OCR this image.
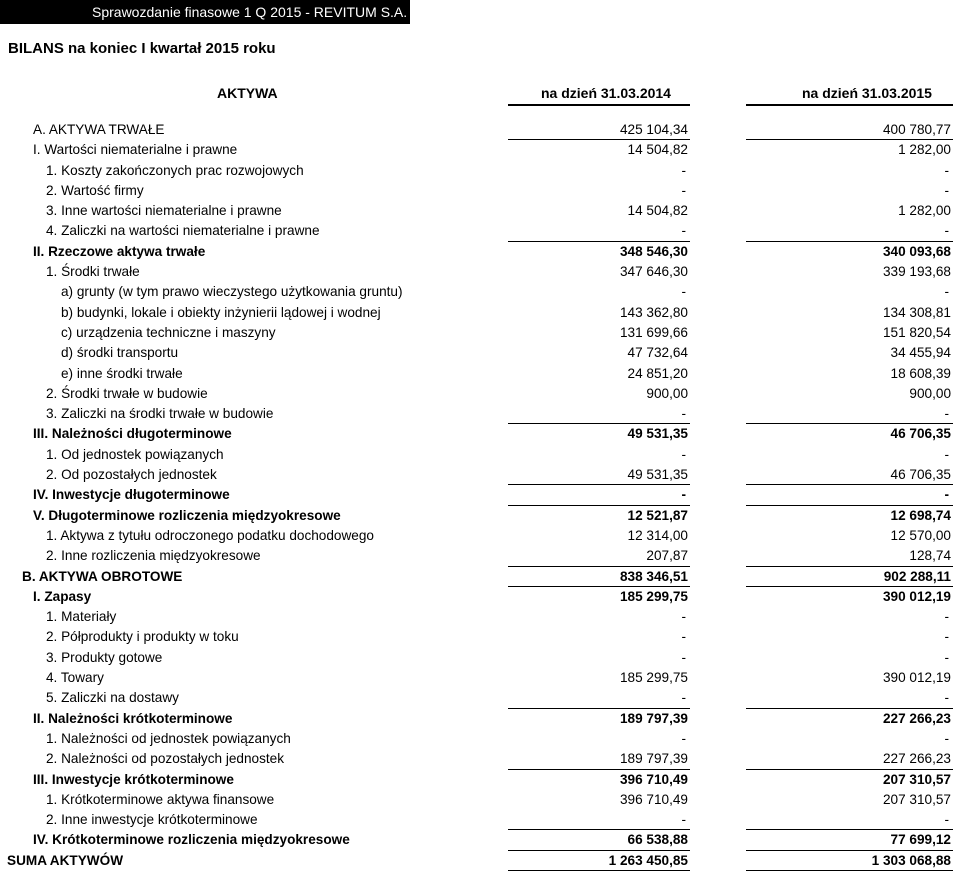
Sprawozdanie finasowe 1 Q 2015 - REVITUM S.A.
BILANS na koniec I kwartał 2015 roku
AKTYWA	na dzień 31.03.2014	na dzień 31.03.2015
A. AKTYWA TRWAŁE	425 104,34	400 780,77
I. Wartości niematerialne i prawne	14 504,82	1 282,00
1. Koszty zakończonych prac rozwojowych	-	-
2. Wartość firmy	-	-
3. Inne wartości niematerialne i prawne	14 504,82	1 282,00
4. Zaliczki na wartości niematerialne i prawne	-	-
II. Rzeczowe aktywa trwałe	348 546,30	340 093,68
1. Środki trwałe	347 646,30	339 193,68
a) grunty (w tym prawo wieczystego użytkowania gruntu)	-	-
b) budynki, lokale i obiekty inżynierii lądowej i wodnej	143 362,80	134 308,81
c) urządzenia techniczne i maszyny	131 699,66	151 820,54
d) środki transportu	47 732,64	34 455,94
e) inne środki trwałe	24 851,20	18 608,39
2. Środki trwałe w budowie	900,00	900,00
3. Zaliczki na środki trwałe w budowie	-	-
III. Należności długoterminowe	49 531,35	46 706,35
1. Od jednostek powiązanych	-	-
2. Od pozostałych jednostek	49 531,35	46 706,35
IV. Inwestycje długoterminowe	-	-
V. Długoterminowe rozliczenia międzyokresowe	12 521,87	12 698,74
1. Aktywa z tytułu odroczonego podatku dochodowego	12 314,00	12 570,00
2. Inne rozliczenia międzyokresowe	207,87	128,74
B. AKTYWA OBROTOWE	838 346,51	902 288,11
I. Zapasy	185 299,75	390 012,19
1. Materiały	-	-
2. Półprodukty i produkty w toku	-	-
3. Produkty gotowe	-	-
4. Towary	185 299,75	390 012,19
5. Zaliczki na dostawy	-	-
II. Należności krótkoterminowe	189 797,39	227 266,23
1. Należności od jednostek powiązanych	-	-
2. Należności od pozostałych jednostek	189 797,39	227 266,23
III. Inwestycje krótkoterminowe	396 710,49	207 310,57
1. Krótkoterminowe aktywa finansowe	396 710,49	207 310,57
2. Inne inwestycje krótkoterminowe	-	-
IV. Krótkoterminowe rozliczenia międzyokresowe	66 538,88	77 699,12
SUMA AKTYWÓW	1 263 450,85	1 303 068,88
